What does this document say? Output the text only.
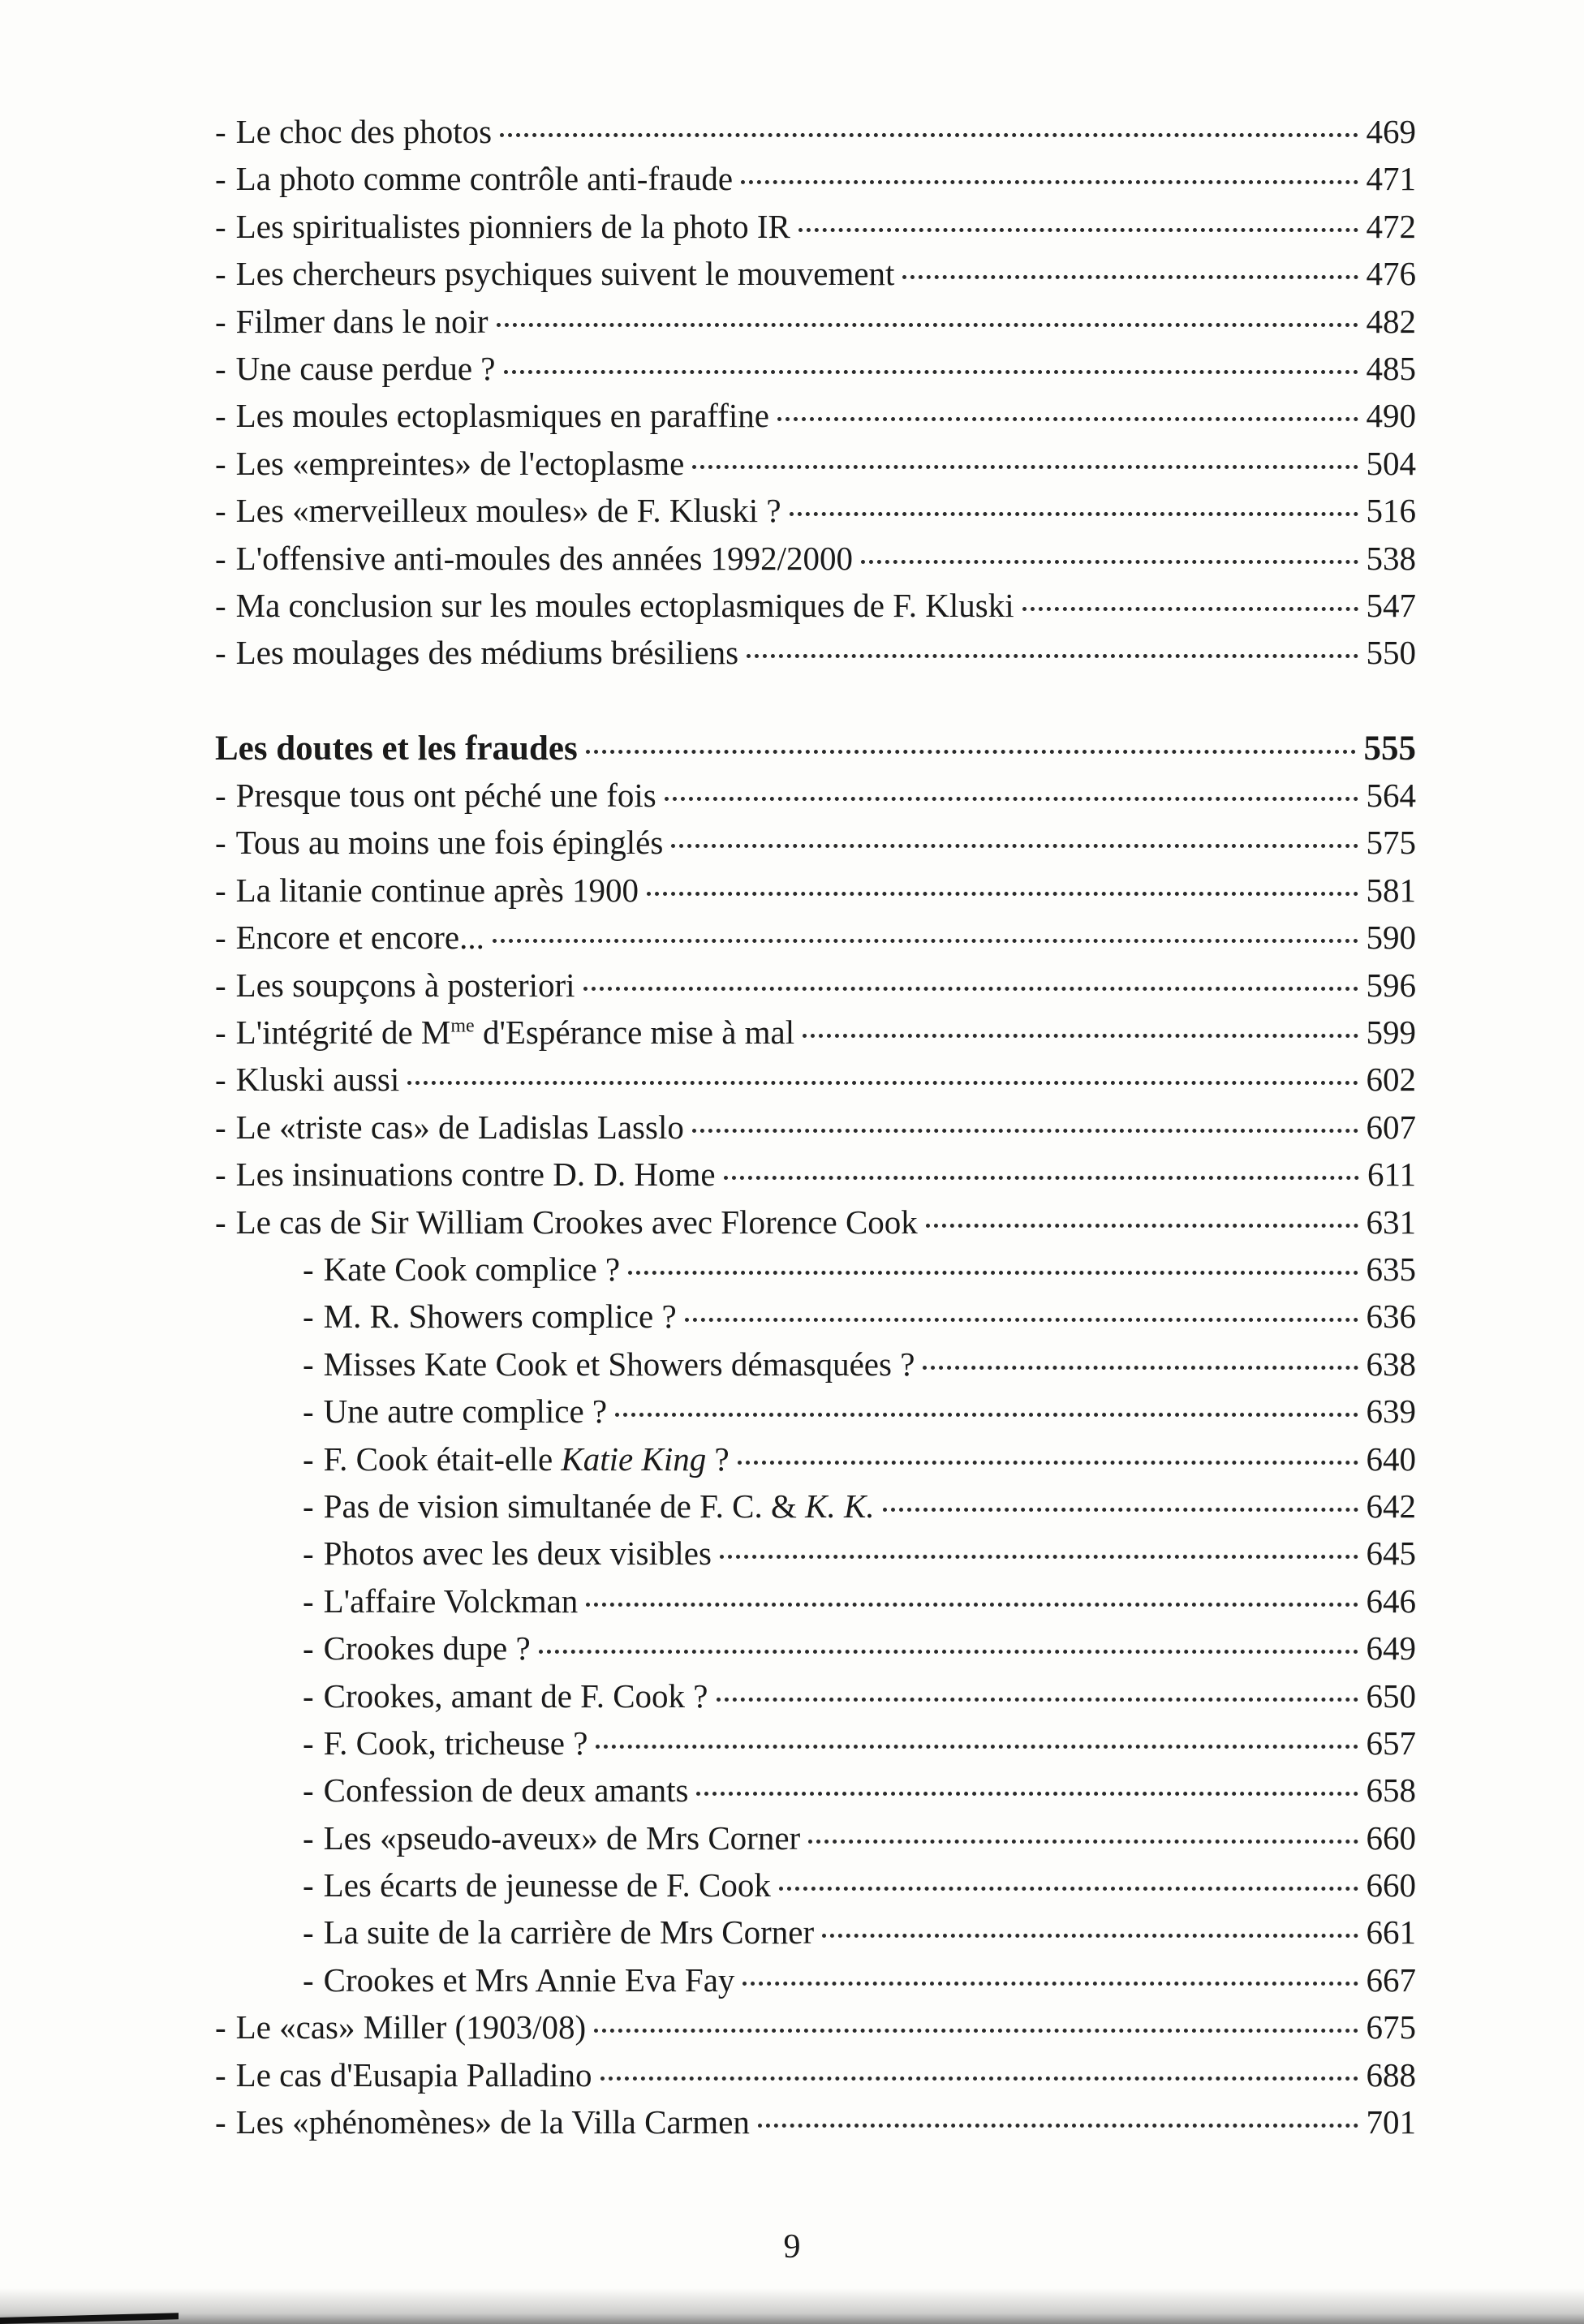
- Le choc des photos	469
- La photo comme contrôle anti-fraude	471
- Les spiritualistes pionniers de la photo IR	472
- Les chercheurs psychiques suivent le mouvement	476
- Filmer dans le noir	482
- Une cause perdue ?	485
- Les moules ectoplasmiques en paraffine	490
- Les «empreintes» de l'ectoplasme	504
- Les «merveilleux moules» de F. Kluski ?	516
- L'offensive anti-moules des années 1992/2000	538
- Ma conclusion sur les moules ectoplasmiques de F. Kluski	547
- Les moulages des médiums brésiliens	550
Les doutes et les fraudes	555
- Presque tous ont péché une fois	564
- Tous au moins une fois épinglés	575
- La litanie continue après 1900	581
- Encore et encore...	590
- Les soupçons à posteriori	596
- L'intégrité de $M^{me}$ d'Espérance mise à mal	599
- Kluski aussi	602
- Le «triste cas» de Ladislas Lasslo	607
- Les insinuations contre D. D. Home	611
- Le cas de Sir William Crookes avec Florence Cook	631
- Kate Cook complice ?	635
- M. R. Showers complice ?	636
- Misses Kate Cook et Showers démasquées ?	638
- Une autre complice ?	639
- F. Cook était-elle Katie King ?	640
- Pas de vision simultanée de F. C. & K. K.	642
- Photos avec les deux visibles	645
- L'affaire Volckman	646
- Crookes dupe ?	649
- Crookes, amant de F. Cook ?	650
- F. Cook, tricheuse ?	657
- Confession de deux amants	658
- Les «pseudo-aveux» de Mrs Corner	660
- Les écarts de jeunesse de F. Cook	660
- La suite de la carrière de Mrs Corner	661
- Crookes et Mrs Annie Eva Fay	667
- Le «cas» Miller (1903/08)	675
- Le cas d'Eusapia Palladino	688
- Les «phénomènes» de la Villa Carmen	701
9
